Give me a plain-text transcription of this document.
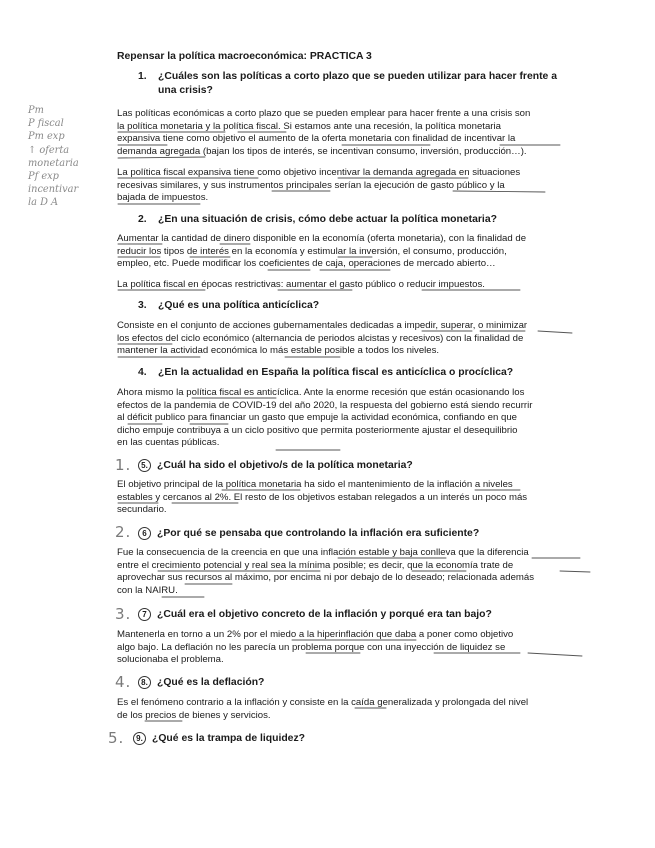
Repensar la política macroeconómica: PRACTICA 3
Pm
P fiscal
Pm exp
↑ oferta
monetaria
Pf exp
incentivar
la D A
1. ¿Cuáles son las políticas a corto plazo que se pueden utilizar para hacer frente a
una crisis?
Las políticas económicas a corto plazo que se pueden emplear para hacer frente a una crisis son
la política monetaria y la política fiscal. Si estamos ante una recesión, la política monetaria
expansiva tiene como objetivo el aumento de la oferta monetaria con finalidad de incentivar la
demanda agregada (bajan los tipos de interés, se incentivan consumo, inversión, producción…).
La política fiscal expansiva tiene como objetivo incentivar la demanda agregada en situaciones
recesivas similares, y sus instrumentos principales serían la ejecución de gasto público y la
bajada de impuestos.
2. ¿En una situación de crisis, cómo debe actuar la política monetaria?
Aumentar la cantidad de dinero disponible en la economía (oferta monetaria), con la finalidad de
reducir los tipos de interés en la economía y estimular la inversión, el consumo, producción,
empleo, etc. Puede modificar los coeficientes de caja, operaciones de mercado abierto…
La política fiscal en épocas restrictivas: aumentar el gasto público o reducir impuestos.
3. ¿Qué es una política anticíclica?
Consiste en el conjunto de acciones gubernamentales dedicadas a impedir, superar, o minimizar
los efectos del ciclo económico (alternancia de periodos alcistas y recesivos) con la finalidad de
mantener la actividad económica lo más estable posible a todos los niveles.
4. ¿En la actualidad en España la política fiscal es anticíclica o procíclica?
Ahora mismo la política fiscal es anticíclica. Ante la enorme recesión que están ocasionando los
efectos de la pandemia de COVID-19 del año 2020, la respuesta del gobierno está siendo recurrir
al déficit publico para financiar un gasto que empuje la actividad económica, confiando en que
dicho empuje contribuya a un ciclo positivo que permita posteriormente ajustar el desequilibrio
en las cuentas públicas.
1.	5. ¿Cuál ha sido el objetivo/s de la política monetaria?
El objetivo principal de la política monetaria ha sido el mantenimiento de la inflación a niveles
estables y cercanos al 2%. El resto de los objetivos estaban relegados a un interés un poco más
secundario.
2.	6 ¿Por qué se pensaba que controlando la inflación era suficiente?
Fue la consecuencia de la creencia en que una inflación estable y baja conlleva que la diferencia
entre el crecimiento potencial y real sea la mínima posible; es decir, que la economía trate de
aprovechar sus recursos al máximo, por encima ni por debajo de lo deseado; relacionada además
con la NAIRU.
3.	7 ¿Cuál era el objetivo concreto de la inflación y porqué era tan bajo?
Mantenerla en torno a un 2% por el miedo a la hiperinflación que daba a poner como objetivo
algo bajo. La deflación no les parecía un problema porque con una inyección de liquidez se
solucionaba el problema.
4.	8. ¿Qué es la deflación?
Es el fenómeno contrario a la inflación y consiste en la caída generalizada y prolongada del nivel
de los precios de bienes y servicios.
5.	9. ¿Qué es la trampa de liquidez?
